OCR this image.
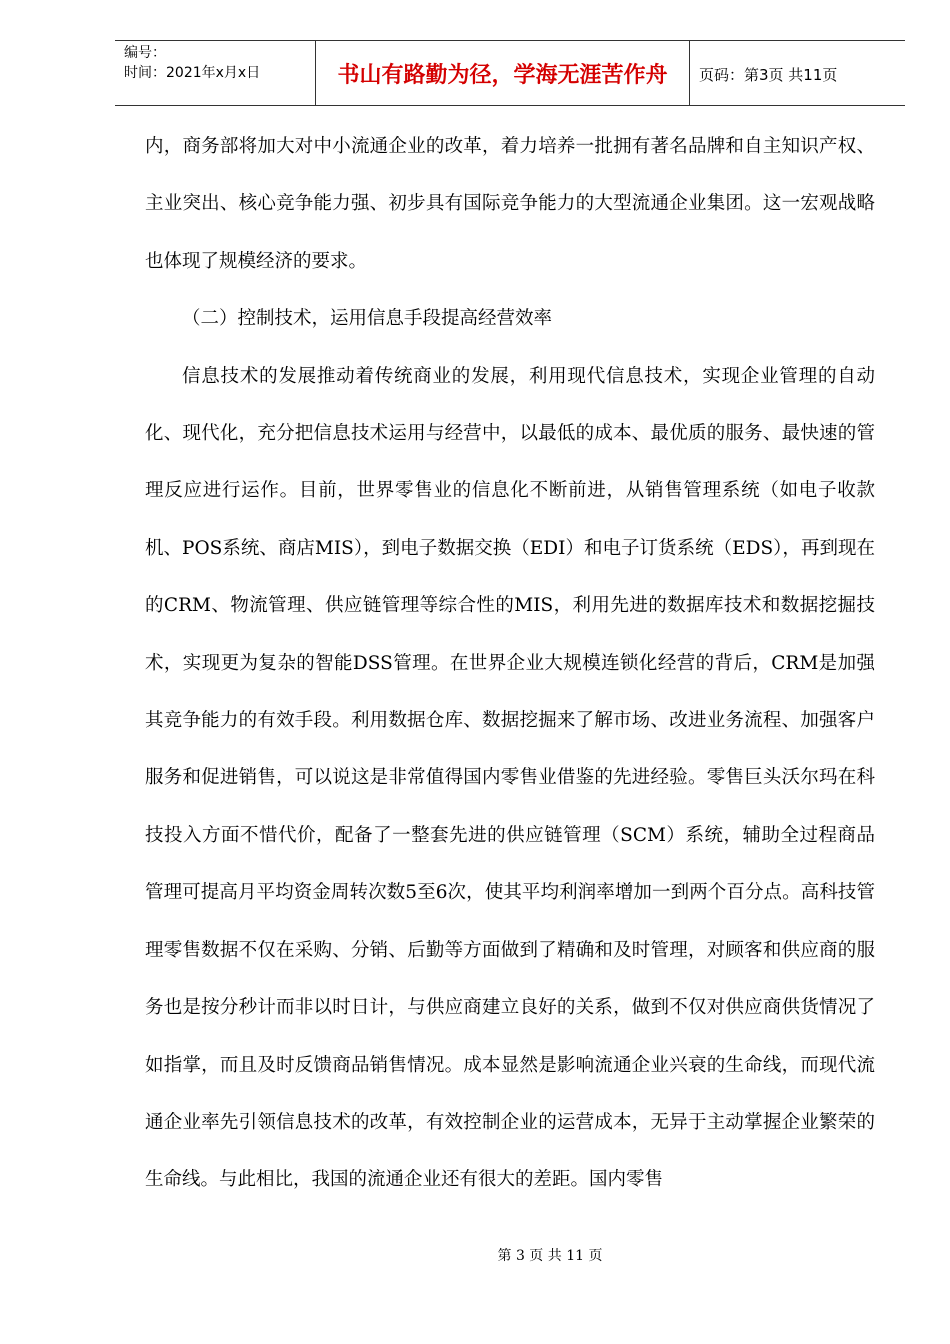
编号：
时间：2021年x月x日	书山有路勤为径，学海无涯苦作舟	页码：第3页 共11页

内，商务部将加大对中小流通企业的改革，着力培养一批拥有著名品牌和自主知识产权、主业突出、核心竞争能力强、初步具有国际竞争能力的大型流通企业集团。这一宏观战略也体现了规模经济的要求。

（二）控制技术，运用信息手段提高经营效率

信息技术的发展推动着传统商业的发展，利用现代信息技术，实现企业管理的自动化、现代化，充分把信息技术运用与经营中，以最低的成本、最优质的服务、最快速的管理反应进行运作。目前，世界零售业的信息化不断前进，从销售管理系统（如电子收款机、POS系统、商店MIS），到电子数据交换（EDI）和电子订货系统（EDS），再到现在的CRM、物流管理、供应链管理等综合性的MIS，利用先进的数据库技术和数据挖掘技术，实现更为复杂的智能DSS管理。在世界企业大规模连锁化经营的背后，CRM是加强其竞争能力的有效手段。利用数据仓库、数据挖掘来了解市场、改进业务流程、加强客户服务和促进销售，可以说这是非常值得国内零售业借鉴的先进经验。零售巨头沃尔玛在科技投入方面不惜代价，配备了一整套先进的供应链管理（SCM）系统，辅助全过程商品管理可提高月平均资金周转次数5至6次，使其平均利润率增加一到两个百分点。高科技管理零售数据不仅在采购、分销、后勤等方面做到了精确和及时管理，对顾客和供应商的服务也是按分秒计而非以时日计，与供应商建立良好的关系，做到不仅对供应商供货情况了如指掌，而且及时反馈商品销售情况。成本显然是影响流通企业兴衰的生命线，而现代流通企业率先引领信息技术的改革，有效控制企业的运营成本，无异于主动掌握企业繁荣的生命线。与此相比，我国的流通企业还有很大的差距。国内零售

第 3 页 共 11 页
